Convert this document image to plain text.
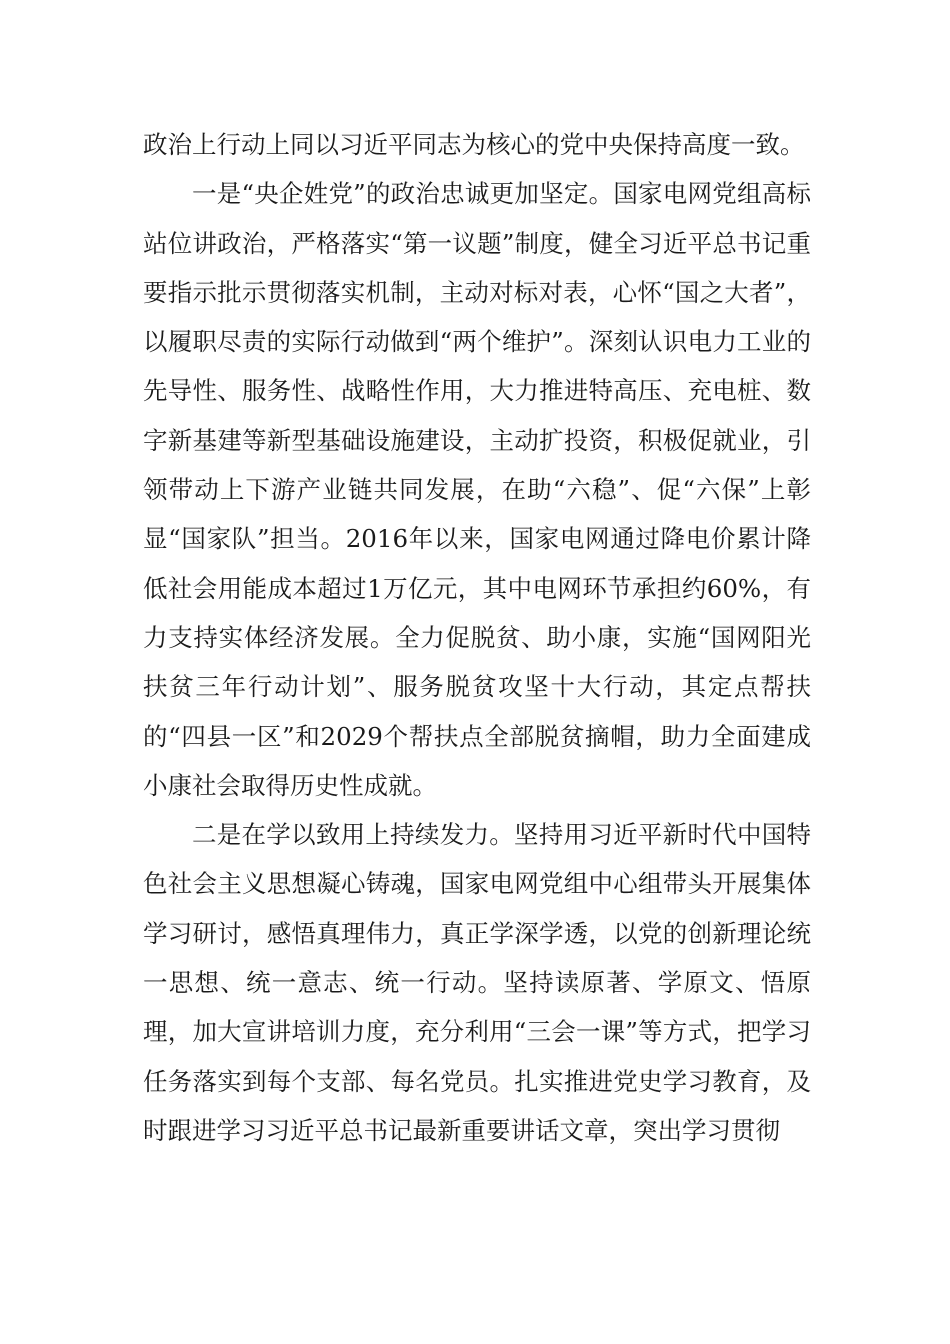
政治上行动上同以习近平同志为核心的党中央保持高度一致。

一是“央企姓党”的政治忠诚更加坚定。国家电网党组高标站位讲政治，严格落实“第一议题”制度，健全习近平总书记重要指示批示贯彻落实机制，主动对标对表，心怀“国之大者”，以履职尽责的实际行动做到“两个维护”。深刻认识电力工业的先导性、服务性、战略性作用，大力推进特高压、充电桩、数字新基建等新型基础设施建设，主动扩投资，积极促就业，引领带动上下游产业链共同发展，在助“六稳”、促“六保”上彰显“国家队”担当。2016年以来，国家电网通过降电价累计降低社会用能成本超过1万亿元，其中电网环节承担约60%，有力支持实体经济发展。全力促脱贫、助小康，实施“国网阳光扶贫三年行动计划”、服务脱贫攻坚十大行动，其定点帮扶的“四县一区”和2029个帮扶点全部脱贫摘帽，助力全面建成小康社会取得历史性成就。

二是在学以致用上持续发力。坚持用习近平新时代中国特色社会主义思想凝心铸魂，国家电网党组中心组带头开展集体学习研讨，感悟真理伟力，真正学深学透，以党的创新理论统一思想、统一意志、统一行动。坚持读原著、学原文、悟原理，加大宣讲培训力度，充分利用“三会一课”等方式，把学习任务落实到每个支部、每名党员。扎实推进党史学习教育，及时跟进学习习近平总书记最新重要讲话文章，突出学习贯彻
